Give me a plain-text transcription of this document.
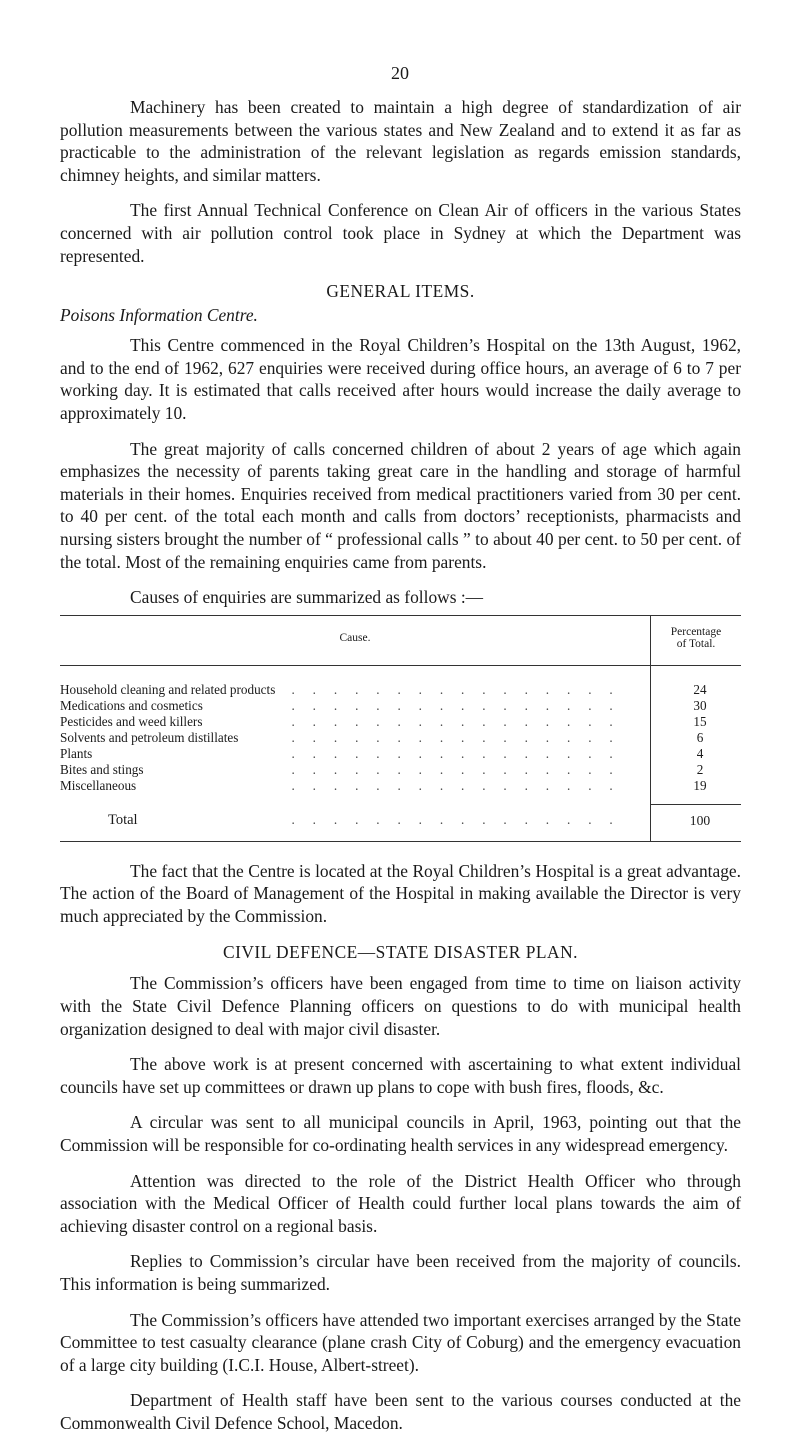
20

Machinery has been created to maintain a high degree of standardization of air pollution measurements between the various states and New Zealand and to extend it as far as practicable to the administration of the relevant legislation as regards emission standards, chimney heights, and similar matters.

The first Annual Technical Conference on Clean Air of officers in the various States concerned with air pollution control took place in Sydney at which the Department was represented.

GENERAL ITEMS.
Poisons Information Centre.

This Centre commenced in the Royal Children’s Hospital on the 13th August, 1962, and to the end of 1962, 627 enquiries were received during office hours, an average of 6 to 7 per working day. It is estimated that calls received after hours would increase the daily average to approximately 10.

The great majority of calls concerned children of about 2 years of age which again emphasizes the necessity of parents taking great care in the handling and storage of harmful materials in their homes. Enquiries received from medical practitioners varied from 30 per cent. to 40 per cent. of the total each month and calls from doctors’ receptionists, pharmacists and nursing sisters brought the number of “ professional calls ” to about 40 per cent. to 50 per cent. of the total. Most of the remaining enquiries came from parents.

Causes of enquiries are summarized as follows :—

Cause.	Percentage
of Total.

Household cleaning and related products . . . . . . . . . . . . . . . .	24

Medications and cosmetics . . . . . . . . . . . . . . . .	30

Pesticides and weed killers . . . . . . . . . . . . . . . .	15

Solvents and petroleum distillates . . . . . . . . . . . . . . . .	6

Plants . . . . . . . . . . . . . . . .	4

Bites and stings . . . . . . . . . . . . . . . .	2

Miscellaneous . . . . . . . . . . . . . . . .	19

Total . . . . . . . . . . . . . . . .	100

The fact that the Centre is located at the Royal Children’s Hospital is a great advantage. The action of the Board of Management of the Hospital in making available the Director is very much appreciated by the Commission.

CIVIL DEFENCE—STATE DISASTER PLAN.

The Commission’s officers have been engaged from time to time on liaison activity with the State Civil Defence Planning officers on questions to do with municipal health organization designed to deal with major civil disaster.

The above work is at present concerned with ascertaining to what extent individual councils have set up committees or drawn up plans to cope with bush fires, floods, &c.

A circular was sent to all municipal councils in April, 1963, pointing out that the Commission will be responsible for co-ordinating health services in any widespread emergency.

Attention was directed to the role of the District Health Officer who through association with the Medical Officer of Health could further local plans towards the aim of achieving disaster control on a regional basis.

Replies to Commission’s circular have been received from the majority of councils. This information is being summarized.

The Commission’s officers have attended two important exercises arranged by the State Committee to test casualty clearance (plane crash City of Coburg) and the emergency evacuation of a large city building (I.C.I. House, Albert-street).

Department of Health staff have been sent to the various courses conducted at the Commonwealth Civil Defence School, Macedon.
